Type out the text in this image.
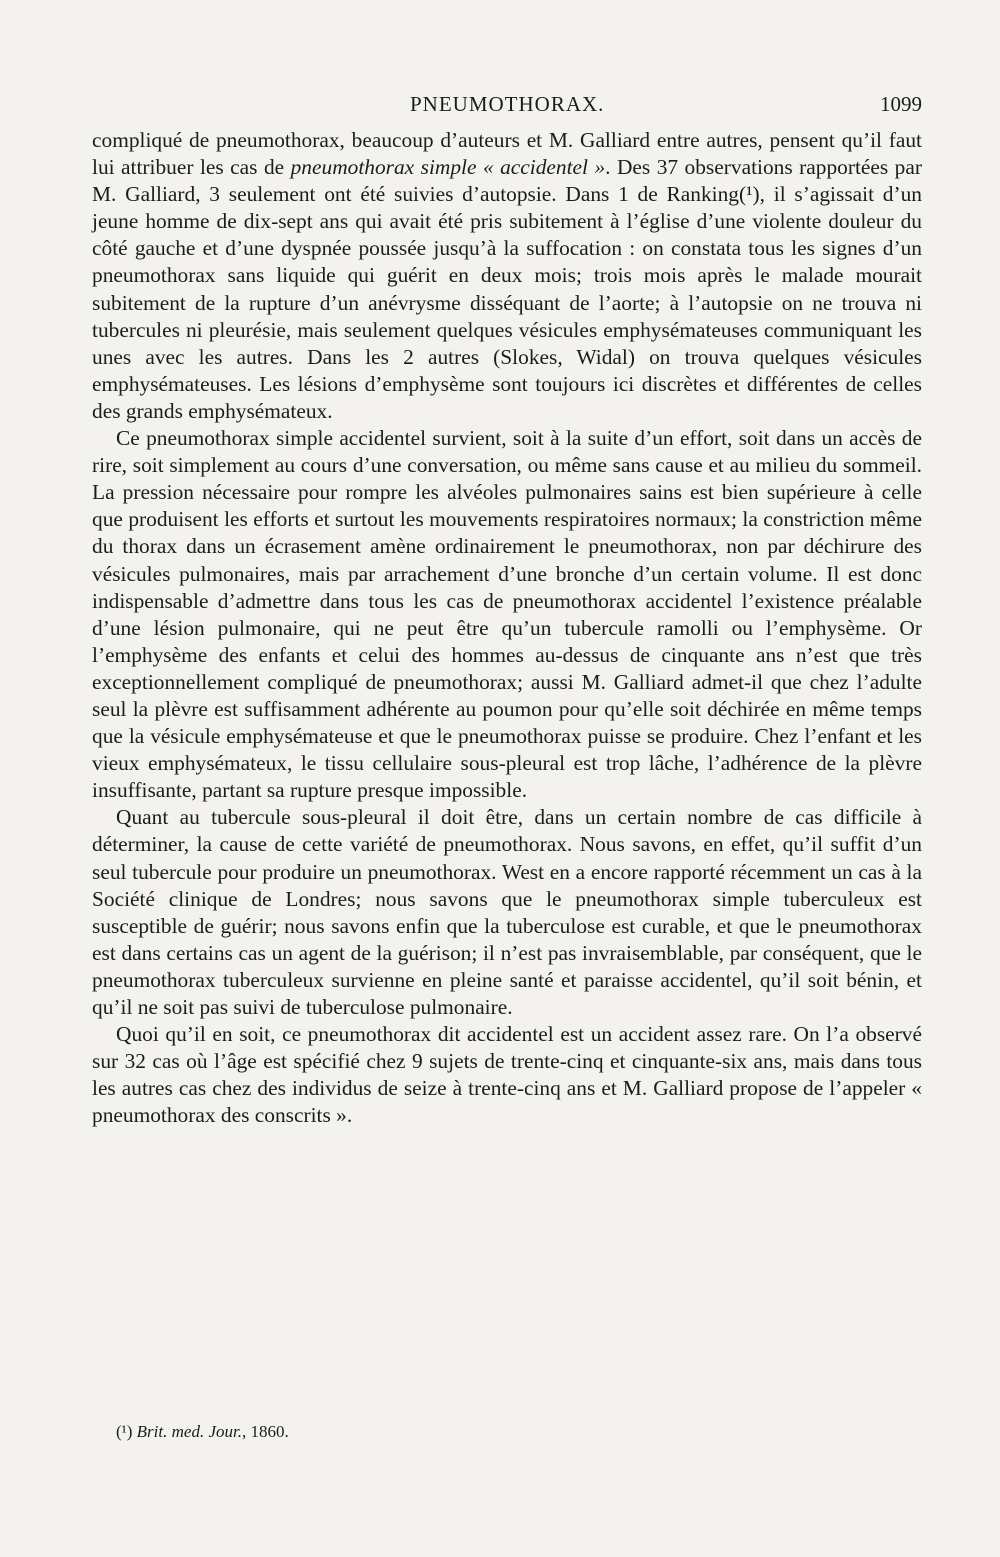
PNEUMOTHORAX.	1099

compliqué de pneumothorax, beaucoup d’auteurs et M. Galliard entre autres, pensent qu’il faut lui attribuer les cas de pneumothorax simple « accidentel ». Des 37 observations rapportées par M. Galliard, 3 seulement ont été suivies d’autopsie. Dans 1 de Ranking(¹), il s’agissait d’un jeune homme de dix-sept ans qui avait été pris subitement à l’église d’une violente douleur du côté gauche et d’une dyspnée poussée jusqu’à la suffocation : on constata tous les signes d’un pneumothorax sans liquide qui guérit en deux mois; trois mois après le malade mourait subitement de la rupture d’un anévrysme disséquant de l’aorte; à l’autopsie on ne trouva ni tubercules ni pleurésie, mais seulement quelques vésicules emphysémateuses communiquant les unes avec les autres. Dans les 2 autres (Slokes, Widal) on trouva quelques vésicules emphysémateuses. Les lésions d’emphysème sont toujours ici discrètes et différentes de celles des grands emphysémateux.

Ce pneumothorax simple accidentel survient, soit à la suite d’un effort, soit dans un accès de rire, soit simplement au cours d’une conversation, ou même sans cause et au milieu du sommeil. La pression nécessaire pour rompre les alvéoles pulmonaires sains est bien supérieure à celle que produisent les efforts et surtout les mouvements respiratoires normaux; la constriction même du thorax dans un écrasement amène ordinairement le pneumothorax, non par déchirure des vésicules pulmonaires, mais par arrachement d’une bronche d’un certain volume. Il est donc indispensable d’admettre dans tous les cas de pneumothorax accidentel l’existence préalable d’une lésion pulmonaire, qui ne peut être qu’un tubercule ramolli ou l’emphysème. Or l’emphysème des enfants et celui des hommes au-dessus de cinquante ans n’est que très exceptionnellement compliqué de pneumothorax; aussi M. Galliard admet-il que chez l’adulte seul la plèvre est suffisamment adhérente au poumon pour qu’elle soit déchirée en même temps que la vésicule emphysémateuse et que le pneumothorax puisse se produire. Chez l’enfant et les vieux emphysémateux, le tissu cellulaire sous-pleural est trop lâche, l’adhérence de la plèvre insuffisante, partant sa rupture presque impossible.

Quant au tubercule sous-pleural il doit être, dans un certain nombre de cas difficile à déterminer, la cause de cette variété de pneumothorax. Nous savons, en effet, qu’il suffit d’un seul tubercule pour produire un pneumothorax. West en a encore rapporté récemment un cas à la Société clinique de Londres; nous savons que le pneumothorax simple tuberculeux est susceptible de guérir; nous savons enfin que la tuberculose est curable, et que le pneumothorax est dans certains cas un agent de la guérison; il n’est pas invraisemblable, par conséquent, que le pneumothorax tuberculeux survienne en pleine santé et paraisse accidentel, qu’il soit bénin, et qu’il ne soit pas suivi de tuberculose pulmonaire.

Quoi qu’il en soit, ce pneumothorax dit accidentel est un accident assez rare. On l’a observé sur 32 cas où l’âge est spécifié chez 9 sujets de trente-cinq et cinquante-six ans, mais dans tous les autres cas chez des individus de seize à trente-cinq ans et M. Galliard propose de l’appeler « pneumothorax des conscrits ».

(¹) Brit. med. Jour., 1860.
